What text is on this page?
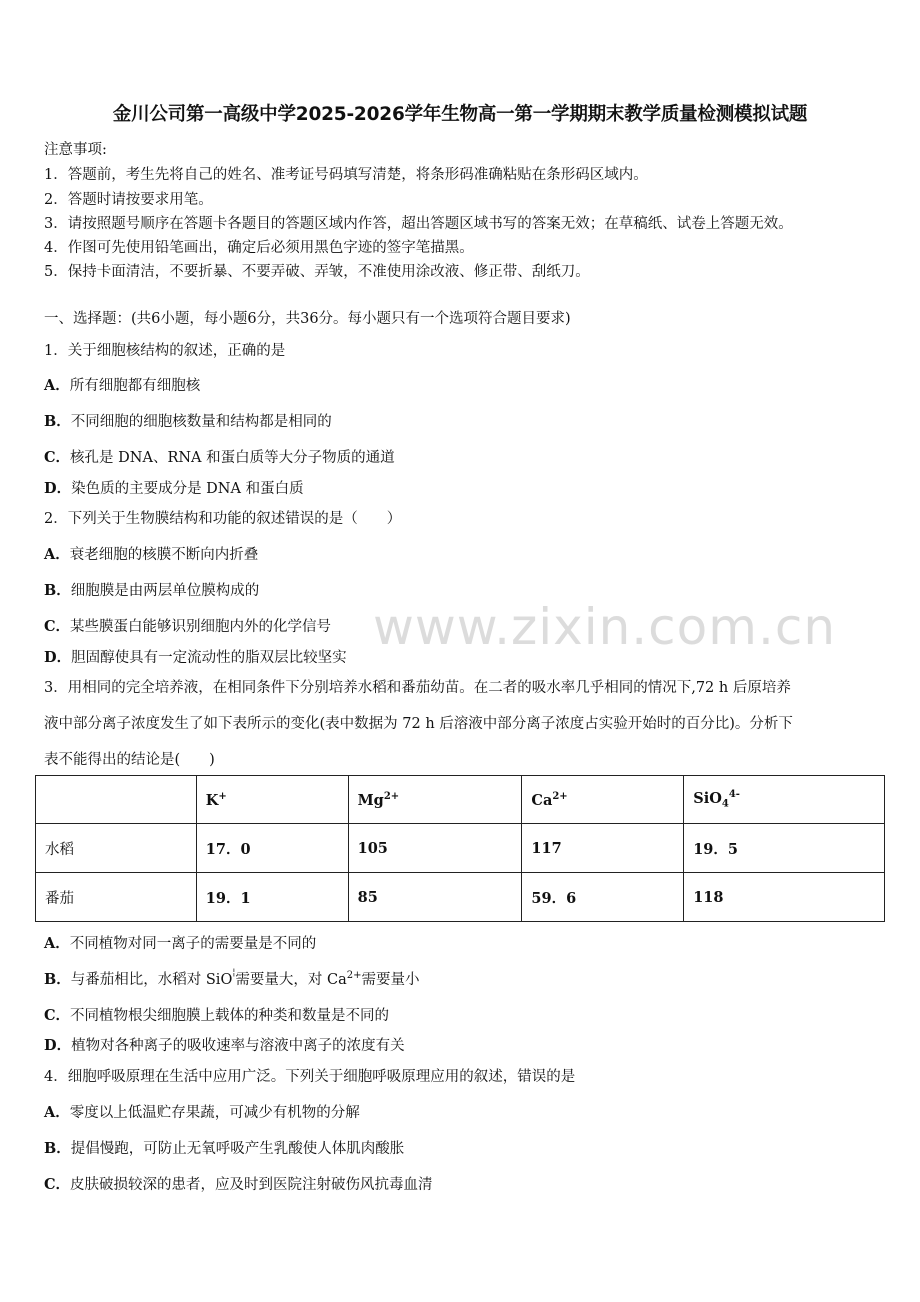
www.zixin.com.cn
金川公司第一高级中学2025-2026学年生物高一第一学期期末教学质量检测模拟试题
注意事项:
1．答题前，考生先将自己的姓名、准考证号码填写清楚，将条形码准确粘贴在条形码区域内。
2．答题时请按要求用笔。
3．请按照题号顺序在答题卡各题目的答题区域内作答，超出答题区域书写的答案无效；在草稿纸、试卷上答题无效。
4．作图可先使用铅笔画出，确定后必须用黑色字迹的签字笔描黑。
5．保持卡面清洁，不要折暴、不要弄破、弄皱，不准使用涂改液、修正带、刮纸刀。
一、选择题：(共6小题，每小题6分，共36分。每小题只有一个选项符合题目要求)
1．关于细胞核结构的叙述，正确的是
A．所有细胞都有细胞核
B．不同细胞的细胞核数量和结构都是相同的
C．核孔是 DNA、RNA 和蛋白质等大分子物质的通道
D．染色质的主要成分是 DNA 和蛋白质
2．下列关于生物膜结构和功能的叙述错误的是（　　）
A．衰老细胞的核膜不断向内折叠
B．细胞膜是由两层单位膜构成的
C．某些膜蛋白能够识别细胞内外的化学信号
D．胆固醇使具有一定流动性的脂双层比较坚实
3．用相同的完全培养液，在相同条件下分别培养水稻和番茄幼苗。在二者的吸水率几乎相同的情况下,72 h 后原培养
液中部分离子浓度发生了如下表所示的变化(表中数据为 72 h 后溶液中部分离子浓度占实验开始时的百分比)。分析下
表不能得出的结论是(　　)
	K+	$Mg^{2+}$	$Ca^{2+}$	SiO$_4^{4-}$
水稻	17．0	105	117	19．5
番茄	19．1	85	59．6	118
A．不同植物对同一离子的需要量是不同的
B．与番茄相比，水稻对 SiO¦需要量大，对 $Ca^{2+}$需要量小
C．不同植物根尖细胞膜上载体的种类和数量是不同的
D．植物对各种离子的吸收速率与溶液中离子的浓度有关
4．细胞呼吸原理在生活中应用广泛。下列关于细胞呼吸原理应用的叙述，错误的是
A．零度以上低温贮存果蔬，可减少有机物的分解
B．提倡慢跑，可防止无氧呼吸产生乳酸使人体肌肉酸胀
C．皮肤破损较深的患者，应及时到医院注射破伤风抗毒血清
